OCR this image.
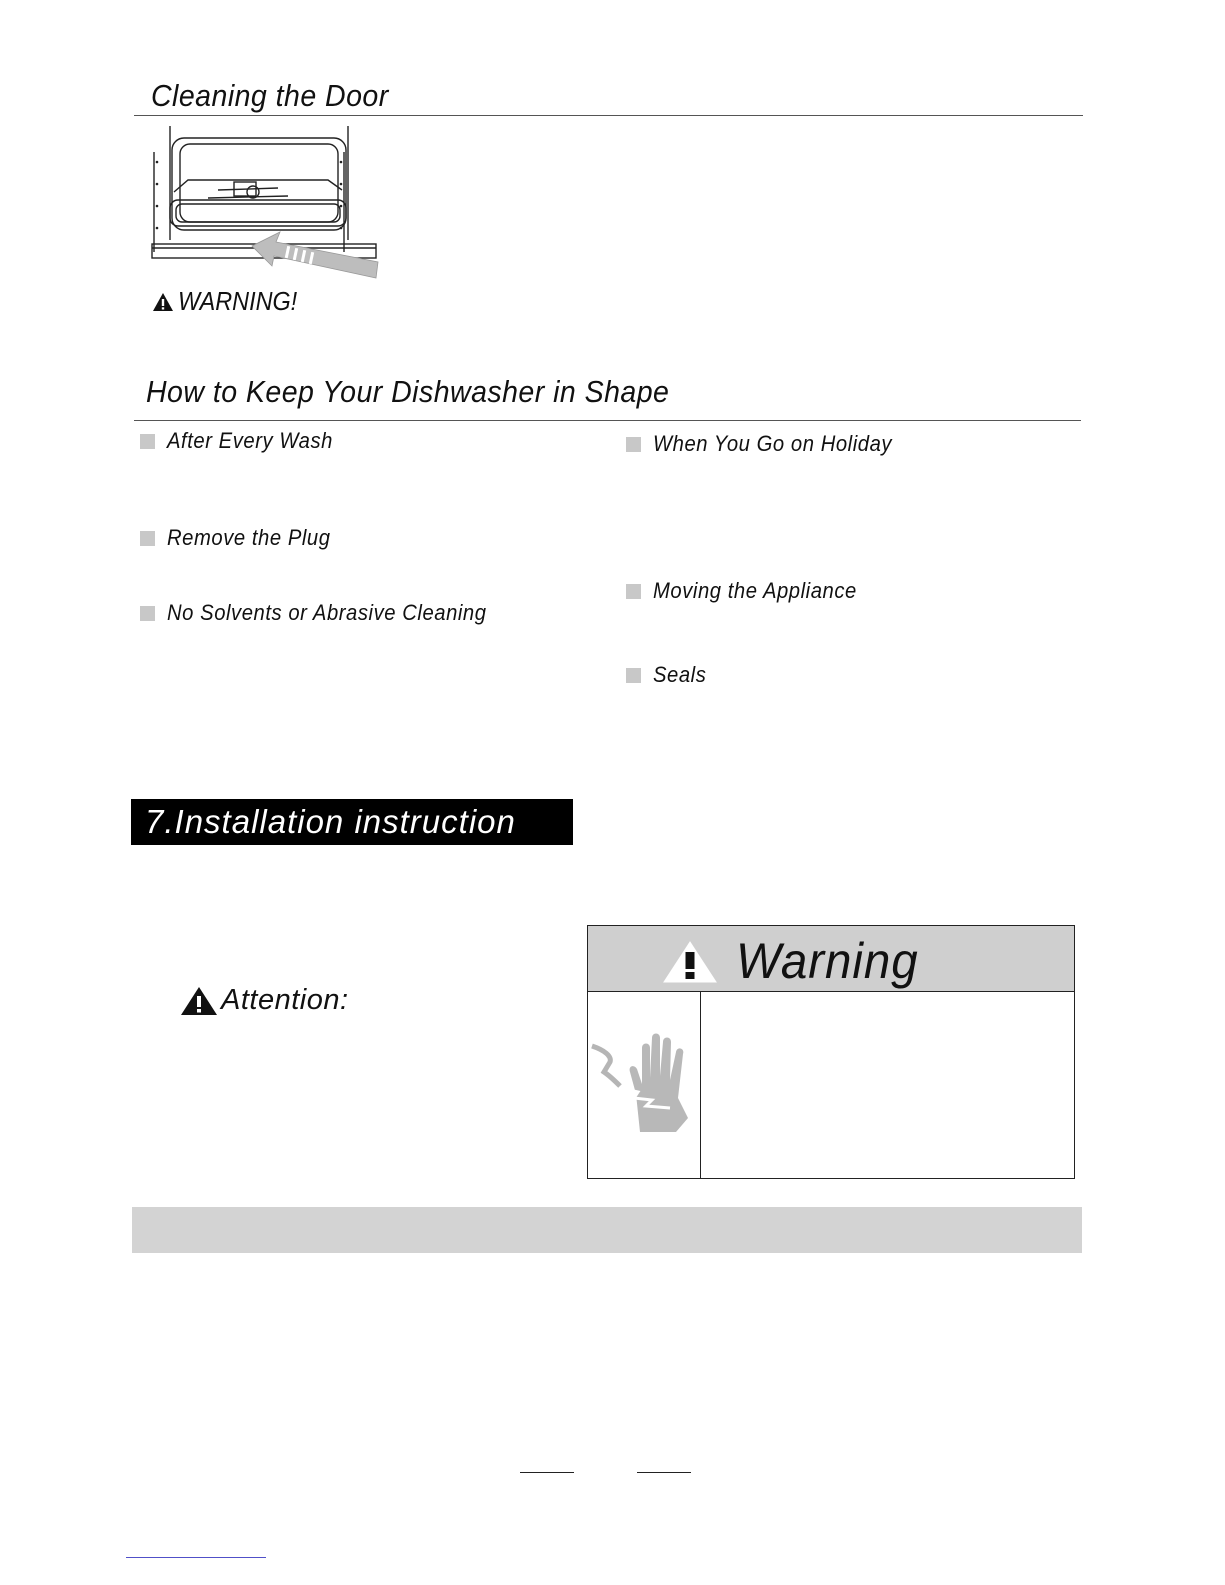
Cleaning the Door
WARNING!
How to Keep Your Dishwasher in Shape
After Every Wash
Remove the Plug
No Solvents or Abrasive Cleaning
When You Go on Holiday
Moving the Appliance
Seals
7.Installation instruction
Attention:
Warning
